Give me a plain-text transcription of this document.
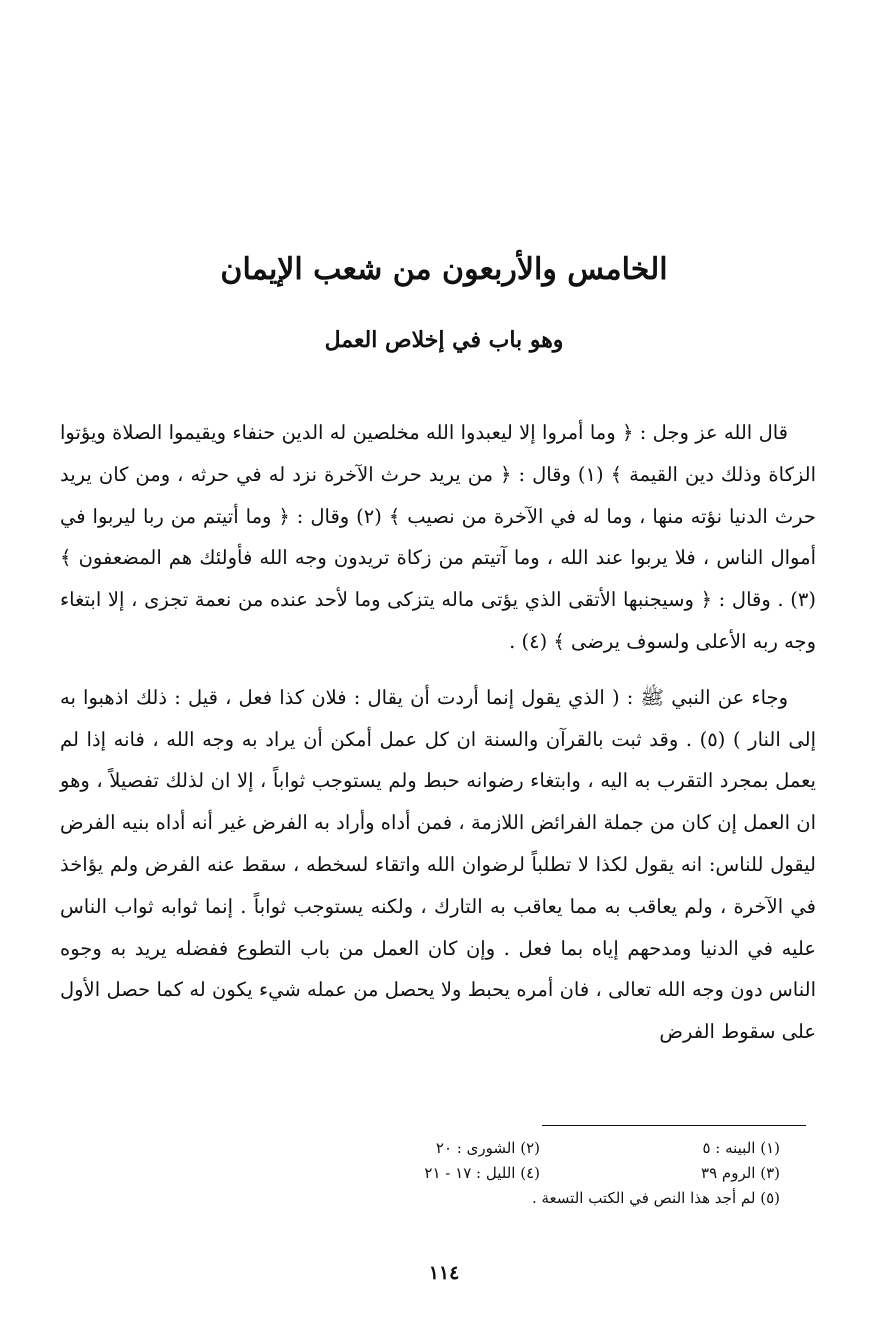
الخامس والأربعون من شعب الإيمان
وهو باب في إخلاص العمل

قال الله عز وجل : ﴿ وما أمروا إلا ليعبدوا الله مخلصين له الدين حنفاء ويقيموا الصلاة ويؤتوا الزكاة وذلك دين القيمة ﴾ (١) وقال : ﴿ من يريد حرث الآخرة نزد له في حرثه ، ومن كان يريد حرث الدنيا نؤته منها ، وما له في الآخرة من نصيب ﴾ (٢) وقال : ﴿ وما أتيتم من ربا ليربوا في أموال الناس ، فلا يربوا عند الله ، وما آتيتم من زكاة تريدون وجه الله فأولئك هم المضعفون ﴾ (٣) . وقال : ﴿ وسيجنبها الأتقى الذي يؤتى ماله يتزكى وما لأحد عنده من نعمة تجزى ، إلا ابتغاء وجه ربه الأعلى ولسوف يرضى ﴾ (٤) .

وجاء عن النبي ﷺ : ( الذي يقول إنما أردت أن يقال : فلان كذا فعل ، قيل : ذلك اذهبوا به إلى النار ) (٥) . وقد ثبت بالقرآن والسنة ان كل عمل أمكن أن يراد به وجه الله ، فانه إذا لم يعمل بمجرد التقرب به اليه ، وابتغاء رضوانه حبط ولم يستوجب ثواباً ، إلا ان لذلك تفصيلاً ، وهو ان العمل إن كان من جملة الفرائض اللازمة ، فمن أداه وأراد به الفرض غير أنه أداه بنيه الفرض ليقول للناس: انه يقول لكذا لا تطلباً لرضوان الله واتقاء لسخطه ، سقط عنه الفرض ولم يؤاخذ في الآخرة ، ولم يعاقب به مما يعاقب به التارك ، ولكنه يستوجب ثواباً . إنما ثوابه ثواب الناس عليه في الدنيا ومدحهم إياه بما فعل . وإن كان العمل من باب التطوع ففضله يريد به وجوه الناس دون وجه الله تعالى ، فان أمره يحبط ولا يحصل من عمله شيء يكون له كما حصل الأول على سقوط الفرض

(١) البينه : ٥
(٢) الشورى : ٢٠
(٣) الروم ٣٩
(٤) الليل : ١٧ - ٢١
(٥) لم أجد هذا النص في الكتب التسعة .
١١٤
